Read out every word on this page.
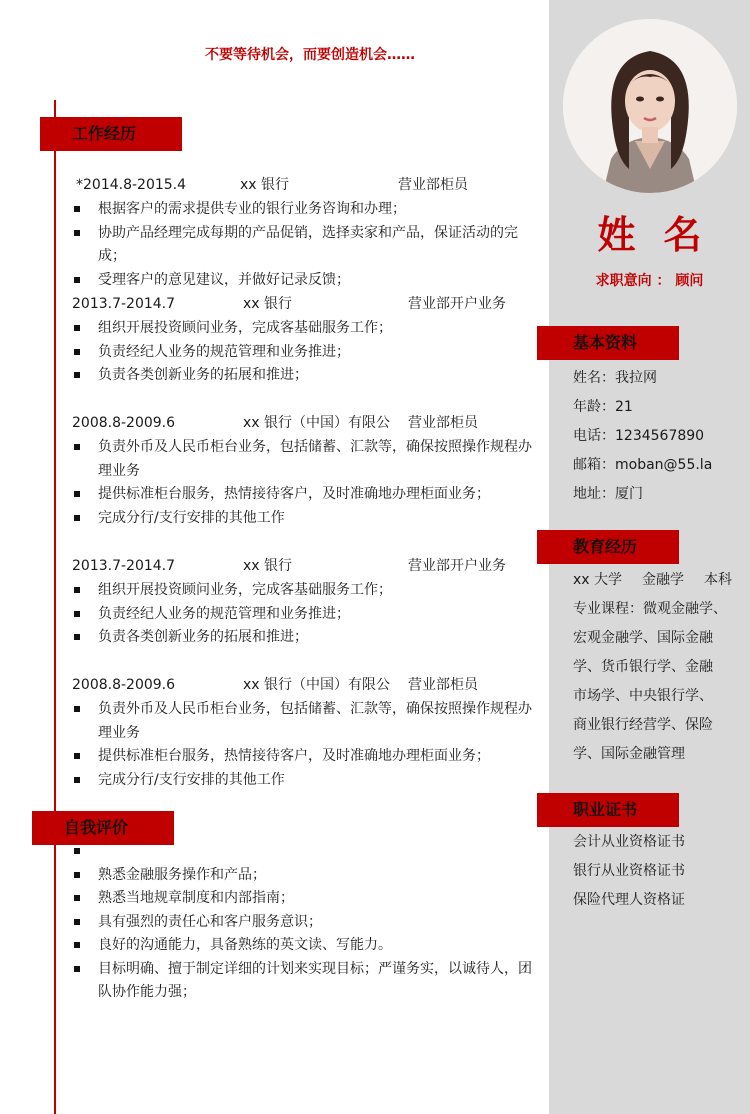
不要等待机会，而要创造机会……
工作经历
*2014.8-2015.4	xx 银行	营业部柜员
根据客户的需求提供专业的银行业务咨询和办理；
协助产品经理完成每期的产品促销，选择卖家和产品，保证活动的完成；
受理客户的意见建议，并做好记录反馈；
2013.7-2014.7	xx 银行	营业部开户业务
组织开展投资顾问业务，完成客基础服务工作；
负责经纪人业务的规范管理和业务推进；
负责各类创新业务的拓展和推进；
2008.8-2009.6	xx 银行（中国）有限公 营业部柜员
负责外币及人民币柜台业务，包括储蓄、汇款等，确保按照操作规程办理业务
提供标准柜台服务，热情接待客户，及时准确地办理柜面业务；
完成分行/支行安排的其他工作
2013.7-2014.7	xx 银行	营业部开户业务
组织开展投资顾问业务，完成客基础服务工作；
负责经纪人业务的规范管理和业务推进；
负责各类创新业务的拓展和推进；
2008.8-2009.6	xx 银行（中国）有限公 营业部柜员
负责外币及人民币柜台业务，包括储蓄、汇款等，确保按照操作规程办理业务
提供标准柜台服务，热情接待客户，及时准确地办理柜面业务；
完成分行/支行安排的其他工作
自我评价
熟悉金融服务操作和产品；
熟悉当地规章制度和内部指南；
具有强烈的责任心和客户服务意识；
良好的沟通能力，具备熟练的英文读、写能力。
目标明确、擅于制定详细的计划来实现目标；严谨务实，以诚待人，团队协作能力强；
姓名
求职意向 ： 顾问
基本资料
姓名：我拉网
年龄：21
电话：1234567890
邮箱：moban@55.la
地址：厦门
教育经历
xx 大学 金融学 本科
专业课程：微观金融学、
宏观金融学、国际金融
学、货币银行学、金融
市场学、中央银行学、
商业银行经营学、保险
学、国际金融管理
职业证书
会计从业资格证书
银行从业资格证书
保险代理人资格证
